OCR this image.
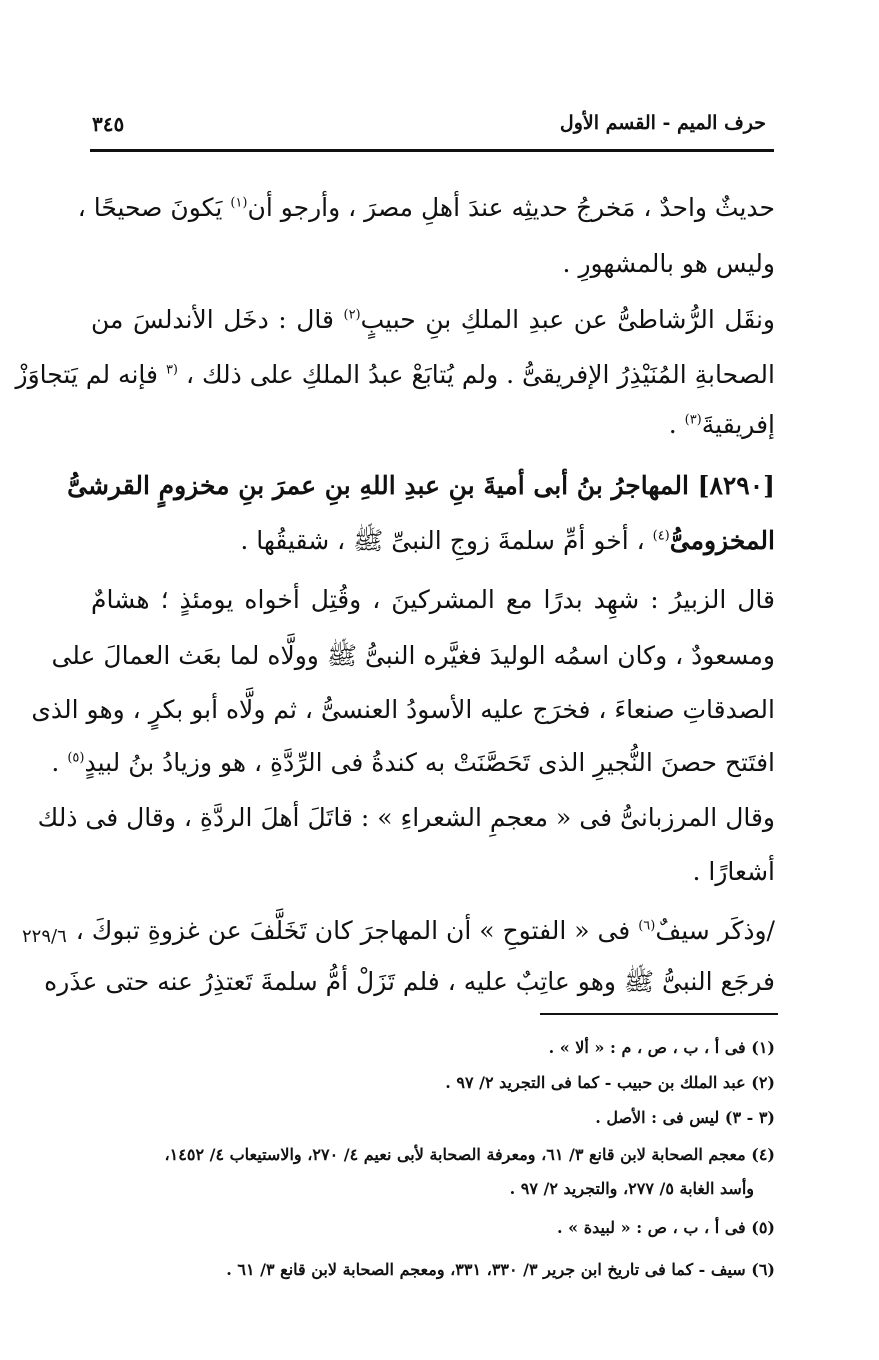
حرف الميم - القسم الأول
٣٤٥
حديثٌ واحدٌ ، مَخرجُ حديثِه عندَ أهلِ مصرَ ، وأرجو أن$^{(١)}$ يَكونَ صحيحًا ،
وليس هو بالمشهورِ .
ونقَل الرُّشاطىُّ عن عبدِ الملكِ بنِ حبيبٍ$^{(٢)}$ قال : دخَل الأندلسَ من
الصحابةِ المُنَيْذِرُ الإفريقىُّ . ولم يُتابَعْ عبدُ الملكِ على ذلك ، $^{(٣}$ فإنه لم يَتجاوَزْ
إفريقيةَ$^{(٣)}$ .
[٨٢٩٠] المهاجرُ بنُ أبى أميةَ بنِ عبدِ اللهِ بنِ عمرَ بنِ مخزومٍ القرشىُّ
المخزومىُّ$^{(٤)}$ ، أخو أمِّ سلمةَ زوجِ النبىِّ ﷺ ، شقيقُها .
قال الزبيرُ : شهِد بدرًا مع المشركينَ ، وقُتِل أخواه يومئذٍ ؛ هشامٌ
ومسعودٌ ، وكان اسمُه الوليدَ فغيَّره النبىُّ ﷺ وولَّاه لما بعَث العمالَ على
الصدقاتِ صنعاءَ ، فخرَج عليه الأسودُ العنسىُّ ، ثم ولَّاه أبو بكرٍ ، وهو الذى
افتَتح حصنَ النُّجيرِ الذى تَحَصَّنَتْ به كندةُ فى الرِّدَّةِ ، هو وزيادُ بنُ لبيدٍ$^{(٥)}$ .
وقال المرزبانىُّ فى « معجمِ الشعراءِ » : قاتَلَ أهلَ الردَّةِ ، وقال فى ذلك
أشعارًا .
/وذكَر سيفٌ$^{(٦)}$ فى « الفتوحِ » أن المهاجرَ كان تَخَلَّفَ عن غزوةِ تبوكَ ،
فرجَع النبىُّ ﷺ وهو عاتِبٌ عليه ، فلم تَزَلْ أمُّ سلمةَ تَعتذِرُ عنه حتى عذَره
٢٢٩/٦
(١) فى أ ، ب ، ص ، م : « ألا » .
(٢) عبد الملك بن حبيب - كما فى التجريد ٢/ ٩٧ .
(٣ - ٣) ليس فى : الأصل .
(٤) معجم الصحابة لابن قانع ٣/ ٦١، ومعرفة الصحابة لأبى نعيم ٤/ ٢٧٠، والاستيعاب ٤/ ١٤٥٢،
وأسد الغابة ٥/ ٢٧٧، والتجريد ٢/ ٩٧ .
(٥) فى أ ، ب ، ص : « لبيدة » .
(٦) سيف - كما فى تاريخ ابن جرير ٣/ ٣٣٠، ٣٣١، ومعجم الصحابة لابن قانع ٣/ ٦١ .
